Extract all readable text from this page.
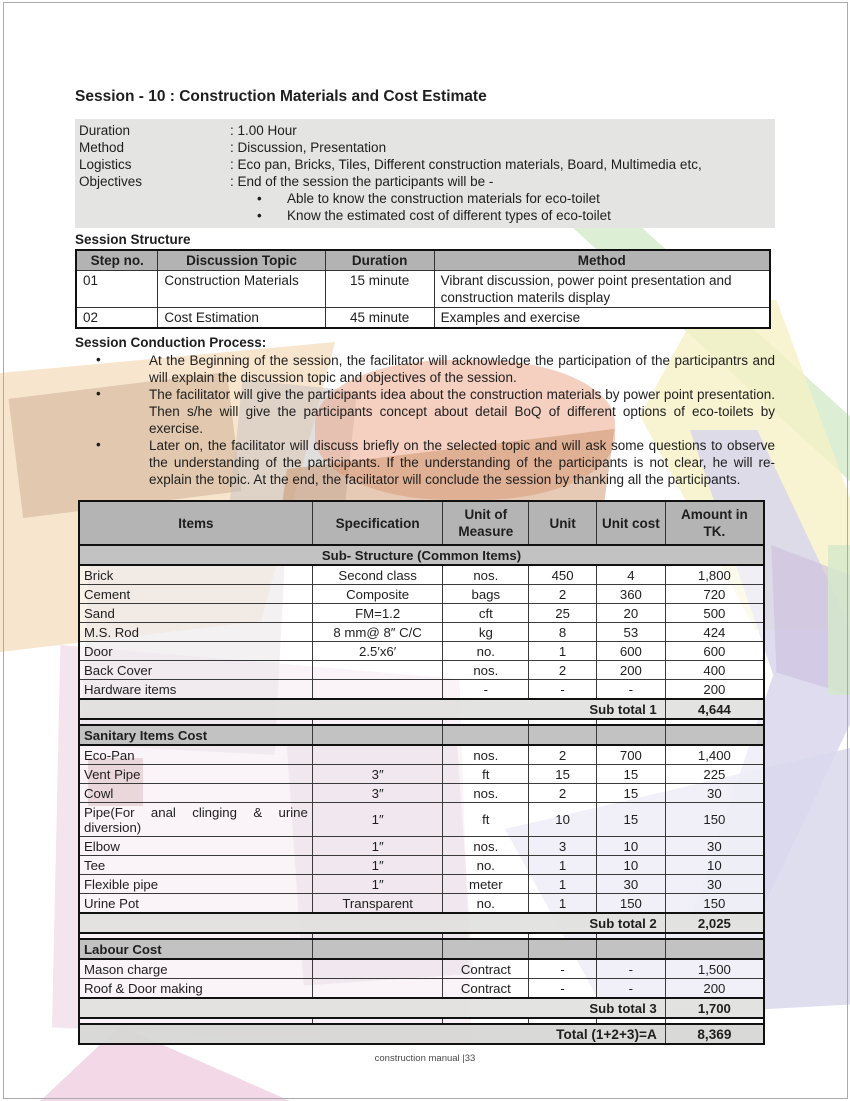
Session - 10 : Construction Materials and Cost Estimate
Duration	: 1.00 Hour
Method	: Discussion, Presentation
Logistics	: Eco pan, Bricks, Tiles, Different construction materials, Board, Multimedia etc,
Objectives	: End of the session the participants will be -
•
Able to know the construction materials for eco-toilet
•
Know the estimated cost of different types of eco-toilet
Session Structure
Step no.	Discussion Topic	Duration	Method
01	Construction Materials	15 minute	Vibrant discussion, power point presentation and construction materils display
02	Cost Estimation	45 minute	Examples and exercise
Session Conduction Process:
•
At the Beginning of the session, the facilitator will acknowledge the participation of the participantrs and will explain the discussion topic and objectives of the session.
•
The facilitator will give the participants idea about the construction materials by power point presentation. Then s/he will give the participants concept about detail BoQ of different options of eco-toilets by exercise.
•
Later on, the facilitator will discuss briefly on the selected topic and will ask some questions to observe the understanding of the participants. If the understanding of the participants is not clear, he will re-explain the topic. At the end, the facilitator will conclude the session by thanking all the participants.
Items	Specification	Unit of Measure	Unit	Unit cost	Amount in TK.
Sub- Structure (Common Items)					
Brick	Second class	nos.	450	4	1,800
Cement	Composite	bags	2	360	720
Sand	FM=1.2	cft	25	20	500
M.S. Rod	8 mm@ 8″ C/C	kg	8	53	424
Door	2.5′x6′	no.	1	600	600
Back Cover		nos.	2	200	400
Hardware items		-	-	-	200
Sub total 1					4,644

Sanitary Items Cost					
Eco-Pan		nos.	2	700	1,400
Vent Pipe	3″	ft	15	15	225
Cowl	3″	nos.	2	15	30
Pipe(For anal clinging & urine diversion)	1″	ft	10	15	150
Elbow	1″	nos.	3	10	30
Tee	1″	no.	1	10	10
Flexible pipe	1″	meter	1	30	30
Urine Pot	Transparent	no.	1	150	150
Sub total 2					2,025

Labour Cost					
Mason charge		Contract	-	-	1,500
Roof & Door making		Contract	-	-	200
Sub total 3					1,700

Total (1+2+3)=A					8,369
construction manual |33
